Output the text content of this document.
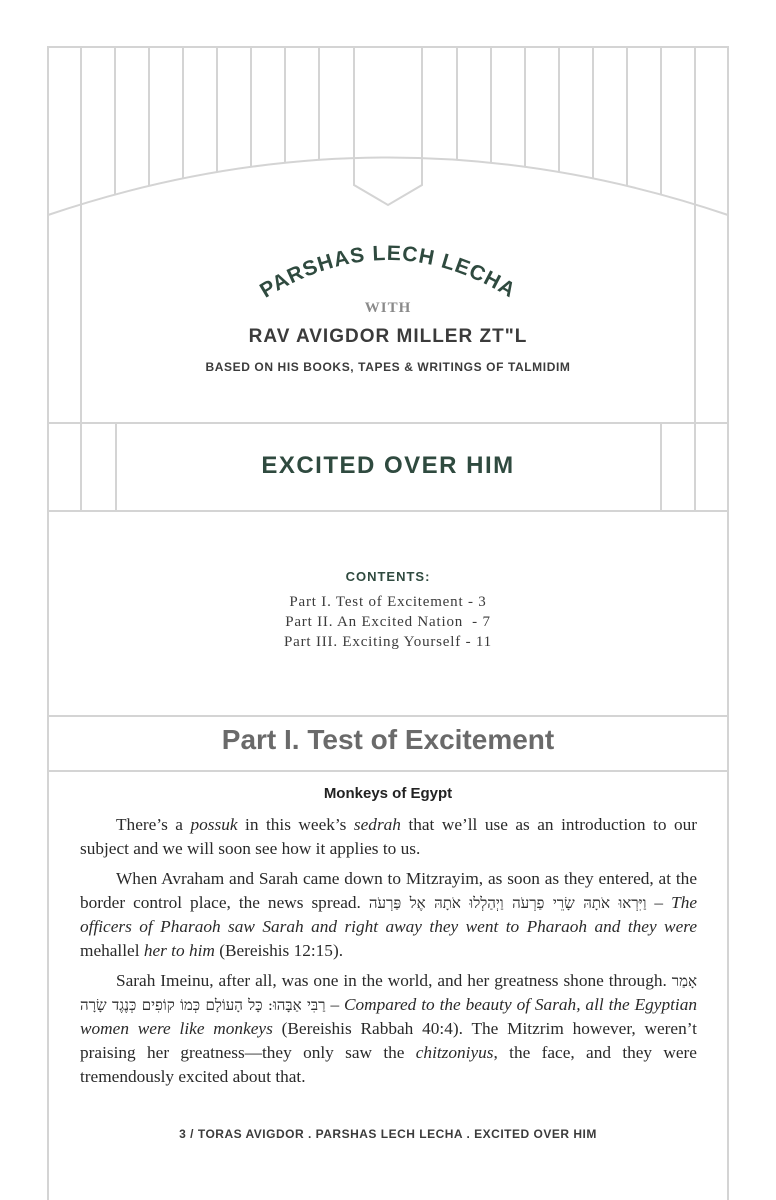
PARSHAS LECH LECHA
WITH
RAV AVIGDOR MILLER ZT"L
BASED ON HIS BOOKS, TAPES & WRITINGS OF TALMIDIM
EXCITED OVER HIM
CONTENTS:
Part I. Test of Excitement - 3
Part II. An Excited Nation  - 7
Part III. Exciting Yourself - 11
Part I. Test of Excitement
Monkeys of Egypt

There’s a possuk in this week’s sedrah that we’ll use as an introduction to our subject and we will soon see how it applies to us.

When Avraham and Sarah came down to Mitzrayim, as soon as they entered, at the border control place, the news spread. וַיִּרְאוּ אֹתָהּ שָׂרֵי פַרְעֹה וַיְהַלְלוּ אֹתָהּ אֶל פַּרְעֹה – The officers of Pharaoh saw Sarah and right away they went to Pharaoh and they were mehallel her to him (Bereishis 12:15).

Sarah Imeinu, after all, was one in the world, and her greatness shone through. אָמַר רַבִּי אַבָּהוּ: כָּל הָעוֹלָם כְּמוֹ קוֹפִים כְּנֶגֶד שָׂרָה – Compared to the beauty of Sarah, all the Egyptian women were like monkeys (Bereishis Rabbah 40:4). The Mitzrim however, weren’t praising her greatness—they only saw the chitzoniyus, the face, and they were tremendously excited about that.

3 / TORAS AVIGDOR . PARSHAS LECH LECHA . EXCITED OVER HIM
